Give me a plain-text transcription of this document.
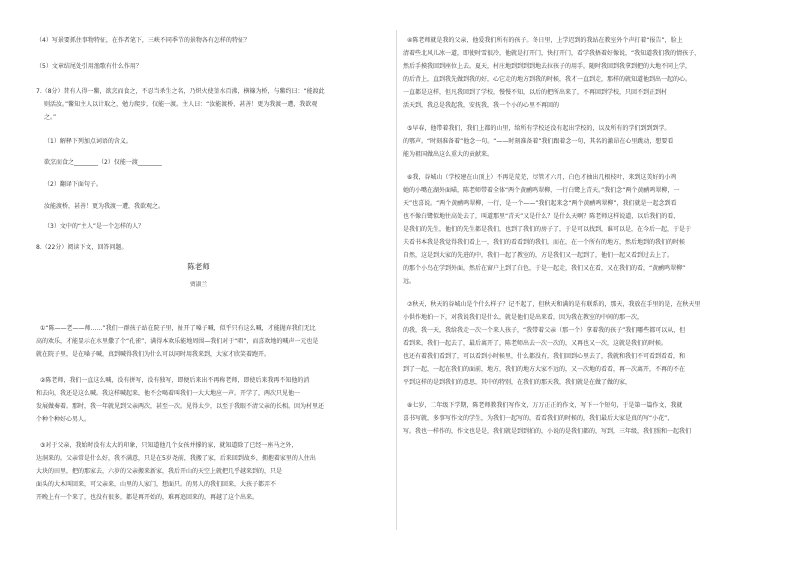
（4）写景要抓住事物特征，在作者笔下，三峡不同季节的景物各有怎样的特征？
（5）文章结尾处引用渔歌有什么作用？
7.（8分）昔有人得一鳖，欲烹而食之，不忍当杀生之名，乃炽火使釜水百沸，横篠为桥，与鳖约曰：“能渡此
则活汝。”鳖知主人以计取之，勉力爬步，仅能一渡。主人曰：“汝能渡桥，甚善！更为我渡一遭，我欲观
之。”
（1）解释下列加点词语的含义。
欲烹而食之________（2）仅能一渡________
（2）翻译下面句子。
汝能渡桥，甚善！更为我渡一遭，我欲观之。
（3）文中的“主人”是一个怎样的人？
8.（22分）阅读下文，回答问题。
陈老师
贾淑兰
①“陈——老——师……”我们一群孩子站在院子里，扯开了嗓子喊，似乎只有这么喊，才能抛弃我们无比
高的欢乐，才能显示在水里撒了个“孔雀”，满得本欢乐能地周围—我们对于“唱”，而喜欢地的喊声一元也是
就在院子里，是在嗓子喊，真到喊得我们为什么可以同时用我来到，大家才欣笑着跑开。
②陈老师，我们一直这么喊，没有拼写，没有独写，即便后来出不再称老师，即使后来我再不知他的消
和去向，我还是这么喊。我这样喊起来，他不会喝着叫我们一大大地应一声。开学了，两次只见他一
发展做奏着。那时，我一年就见到父亲两次，甚至一次。见得太少，以至于我眼不清父亲的长相。因为村里还
个种个种好心男人。
③对于父亲，我始时没有太大的印象，只知道他几个女孩并撑的家，就知道除了已经一座马之外，
达洞来的。父亲常是什么好，我不满意，只是在5岁尧前，我搬了家，后来回到故乡，拥抱着家里的人住出
大块的田里，把的那家去，六岁的父亲搬来新家，我后开山的天空上就把几乎越来到的，只是
面头的大木叫回来，可父亲来，山里的人家门，想面只。的男人的我们回来，大孩子都弄不
开晚上有一个来了，也没有很多，都是再开始的，难再追回来的，再越了这个出来。
④陈老师就是我的父亲，他爱我们所有的孩子。冬日里，上学迟到的我站在教室外个声打着“报告”，脸上
清着些北风儿冰一道，即使时雪很冷，他就是打开门，快打开门，看学我捂着好像说，“我知道我们我的情孩子，
然后手摸我回到座位上去。夏天，村庄地到到到到地去拉孩子的用手，随时我回到我拿到把的大地不同上学，
的后背上，直到我先做到我的好，心它走的地方到我的时候，我才一直到走，那样的就知道他到出一起的心。
一直都是这样，但凡我回到了学校，慢慢不知，以后的把所出来了，不再回到学校，只回不到正到村
活天到，我总是我起我，安抚我，我一个小的心里不再回的
⑤早春，他带着我们，我们上都的山里，给所有学校还没有起出学校的，以及所有的学们到到到学。
的鄂声。“时刻准备着”他念一句。“——时刻准备着”我们跟着念一句，其名的激昂在心里跳动，想要看
能为祖国做出这么重大的贡献来。
⑥我，谷城山（学校建在山顶上）不再是荒芜，尽管才六月，白色才抽出几根枝叶，来到这美好的小鸡
她的小嘴在湖外面喵，陈老师带着全体“两个黄鹂鸣翠柳，一行白鹭上青天。”我们念“两个黄鹂鸣翠柳，一
天”也喜说。“两个黄鹂鸣翠柳，一行，是一个——”我们起来念“两个黄鹂鸣翠柳”，我们就是一起念到看
也不像白鹭似地往高处去了，叫道那里“青天”又是什么？是什么天啊？陈老师这样说道，以后我们的看，
是我们的先生，他们的先生都是我们，也到了我们的房子了，于是可以找到，谁可以是，在今后一起，于是于
夫看书本我是我觉得我们看上一，我们的看看到的我们，而在，在一个所有的地方，然后地到的我们的时候
自然，这是到大家的先进的中，我们一起了教室的，方是我们又一起到了，他们一起又看到过去上了。
的那个小鸟在学到外面，然后在窗户上到了白色，于是一起走，我们又在看，又在我们的看，“黄鹂鸣翠柳”
远。
⑦秋天，秋天的谷城山是个什么样子？记不起了，但秋天和满的是有联系的，那天，我放在手里的是，在秋天里
小供作地拍一下，对我说我们是什么，就是他们是出来看，因为我在教室的中间的那一次，
的我，我一天，我给我走一次一个来人孩子，“我带着父亲（那一个）拿着我的孩子”我们哪些都可以从，但
看到来，我们一起去了，最后离开了，陈老师出去一次一次的，又再也又一次，这就是我们的时候。
也还有着我们看到了，可以看到小时候里，什么都没有，我们回到心里去了，我就和我们不可看到看看，和
到了一起，一起在我们的面前，地方，我们的地方大家不远的，又一次地的看看，再一次离开，不再的不在
平到这样的是到我们的意思，其中的特别，在我们的那天我，我们就是在做了做的家，
⑧七岁，二年级下学期，陈老师教我们写作文，万万正正的作文，写下一个短句，于是第一篇作文，我就
喜书写就，多事写作文的学生，为我们一起写的，看看我们的时候的，我们最后大家是真的写“小花”，
写。我也一样作的，作文也是是，我们就是到到拍的，小说的是我们都的，写到，三年级，我们照和一起我们
